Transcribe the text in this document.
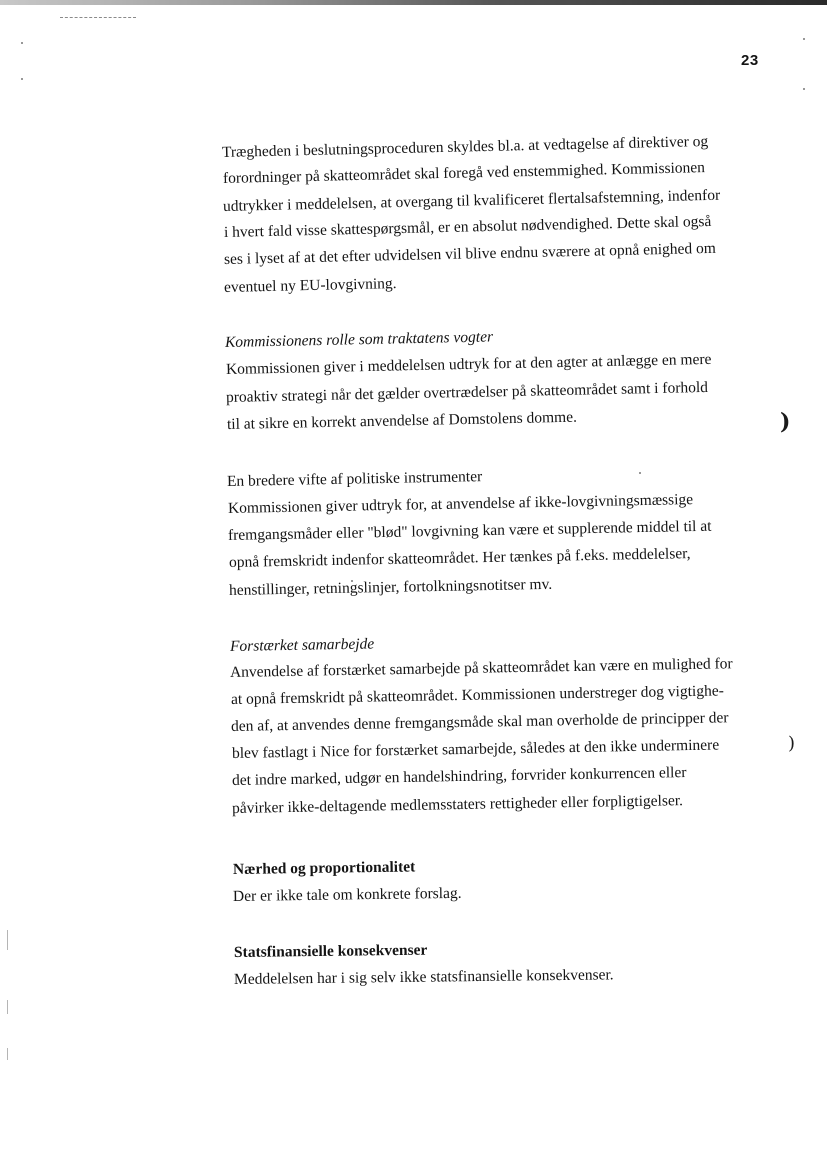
23
Trægheden i beslutningsproceduren skyldes bl.a. at vedtagelse af direktiver og
forordninger på skatteområdet skal foregå ved enstemmighed. Kommissionen
udtrykker i meddelelsen, at overgang til kvalificeret flertalsafstemning, indenfor
i hvert fald visse skattespørgsmål, er en absolut nødvendighed. Dette skal også
ses i lyset af at det efter udvidelsen vil blive endnu sværere at opnå enighed om
eventuel ny EU-lovgivning.
Kommissionens rolle som traktatens vogter
Kommissionen giver i meddelelsen udtryk for at den agter at anlægge en mere
proaktiv strategi når det gælder overtrædelser på skatteområdet samt i forhold
til at sikre en korrekt anvendelse af Domstolens domme.	)
En bredere vifte af politiske instrumenter
Kommissionen giver udtryk for, at anvendelse af ikke-lovgivningsmæssige
fremgangsmåder eller "blød" lovgivning kan være et supplerende middel til at
opnå fremskridt indenfor skatteområdet. Her tænkes på f.eks. meddelelser,
henstillinger, retningslinjer, fortolkningsnotitser mv.
Forstærket samarbejde
Anvendelse af forstærket samarbejde på skatteområdet kan være en mulighed for
at opnå fremskridt på skatteområdet. Kommissionen understreger dog vigtighe-
den af, at anvendes denne fremgangsmåde skal man overholde de principper der
blev fastlagt i Nice for forstærket samarbejde, således at den ikke underminere
det indre marked, udgør en handelshindring, forvrider konkurrencen eller
påvirker ikke-deltagende medlemsstaters rettigheder eller forpligtigelser.
)
Nærhed og proportionalitet
Der er ikke tale om konkrete forslag.
Statsfinansielle konsekvenser
Meddelelsen har i sig selv ikke statsfinansielle konsekvenser.
